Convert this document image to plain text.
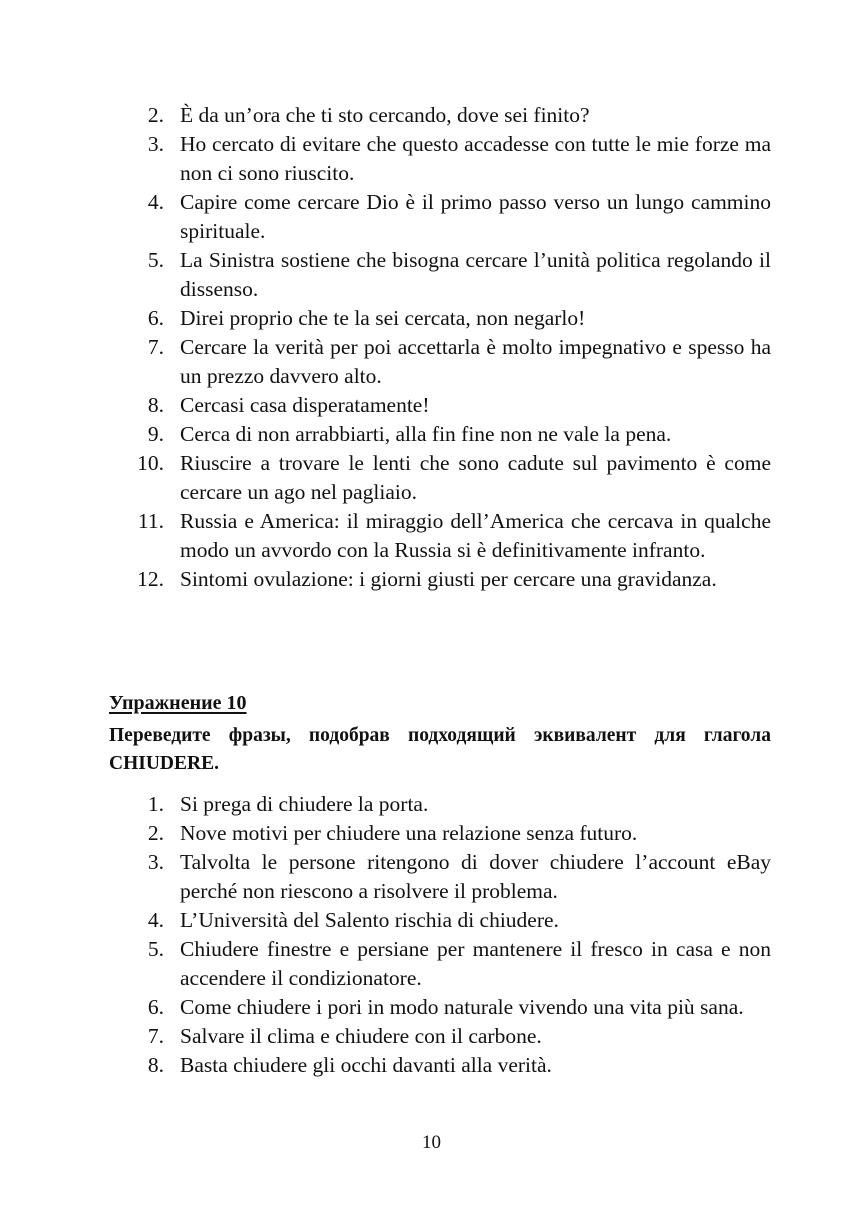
2. È da un’ora che ti sto cercando, dove sei finito?
3. Ho cercato di evitare che questo accadesse con tutte le mie forze ma non ci sono riuscito.
4. Capire come cercare Dio è il primo passo verso un lungo cammino spirituale.
5. La Sinistra sostiene che bisogna cercare l’unità politica regolando il dissenso.
6. Direi proprio che te la sei cercata, non negarlo!
7. Cercare la verità per poi accettarla è molto impegnativo e spesso ha un prezzo davvero alto.
8. Cercasi casa disperatamente!
9. Cerca di non arrabbiarti, alla fin fine non ne vale la pena.
10. Riuscire a trovare le lenti che sono cadute sul pavimento è come cercare un ago nel pagliaio.
11. Russia e America: il miraggio dell’America che cercava in qualche modo un avvordo con la Russia si è definitivamente infranto.
12. Sintomi ovulazione: i giorni giusti per cercare una gravidanza.
Упражнение 10
Переведите фразы, подобрав подходящий эквивалент для глагола CHIUDERE.
1. Si prega di chiudere la porta.
2. Nove motivi per chiudere una relazione senza futuro.
3. Talvolta le persone ritengono di dover chiudere l’account eBay perché non riescono a risolvere il problema.
4. L’Università del Salento rischia di chiudere.
5. Chiudere finestre e persiane per mantenere il fresco in casa e non accendere il condizionatore.
6. Come chiudere i pori in modo naturale vivendo una vita più sana.
7. Salvare il clima e chiudere con il carbone.
8. Basta chiudere gli occhi davanti alla verità.
10
